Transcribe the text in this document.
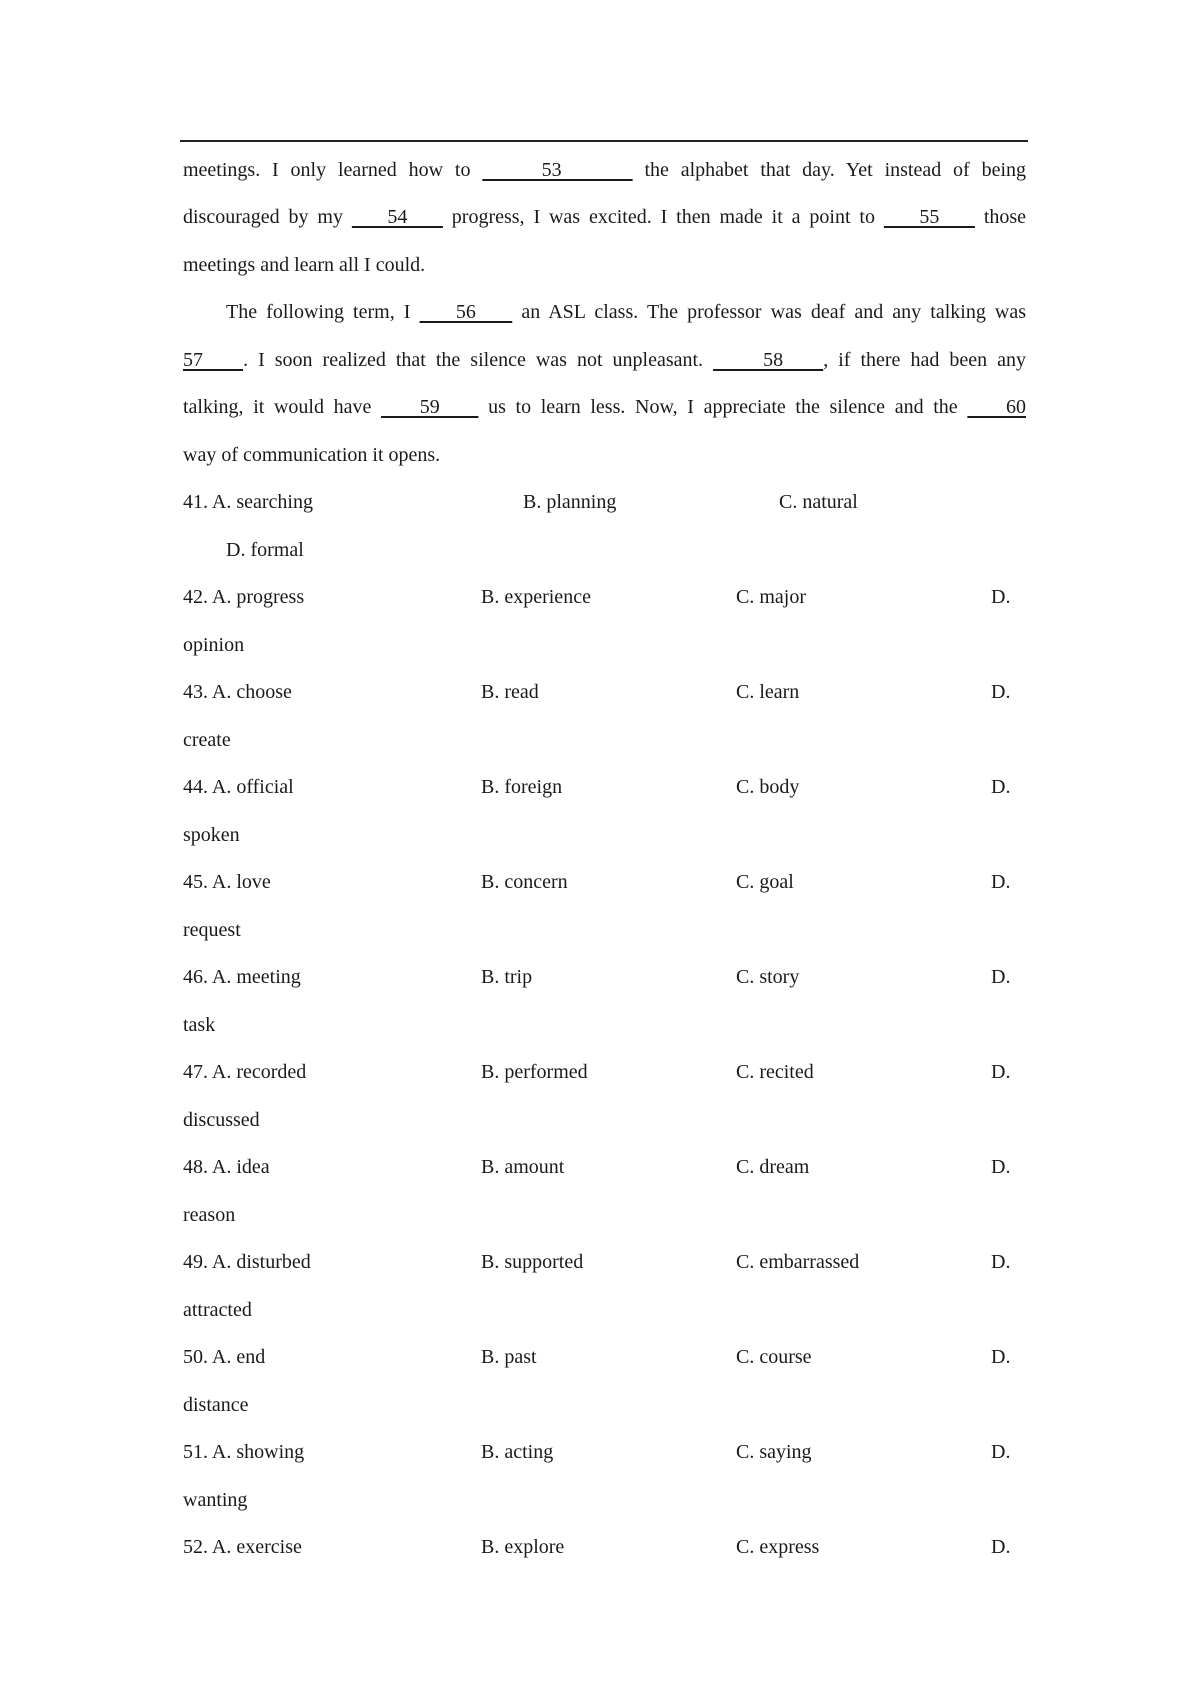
meetings. I only learned how to      53       the alphabet that day. Yet instead of being
discouraged by my     54     progress, I was excited. I then made it a point to     55     those
meetings and learn all I could.
The following term, I     56     an ASL class. The professor was deaf and any talking was
57    . I soon realized that the silence was not unpleasant.      58    , if there had been any
talking, it would have     59     us to learn less. Now, I appreciate the silence and the     60
way of communication it opens.
41. A. searching	B. planning	C. natural
D. formal
42. A. progress	B. experience	C. major	D.
opinion
43. A. choose	B. read	C. learn	D.
create
44. A. official	B. foreign	C. body	D.
spoken
45. A. love	B. concern	C. goal	D.
request
46. A. meeting	B. trip	C. story	D.
task
47. A. recorded	B. performed	C. recited	D.
discussed
48. A. idea	B. amount	C. dream	D.
reason
49. A. disturbed	B. supported	C. embarrassed	D.
attracted
50. A. end	B. past	C. course	D.
distance
51. A. showing	B. acting	C. saying	D.
wanting
52. A. exercise	B. explore	C. express	D.
